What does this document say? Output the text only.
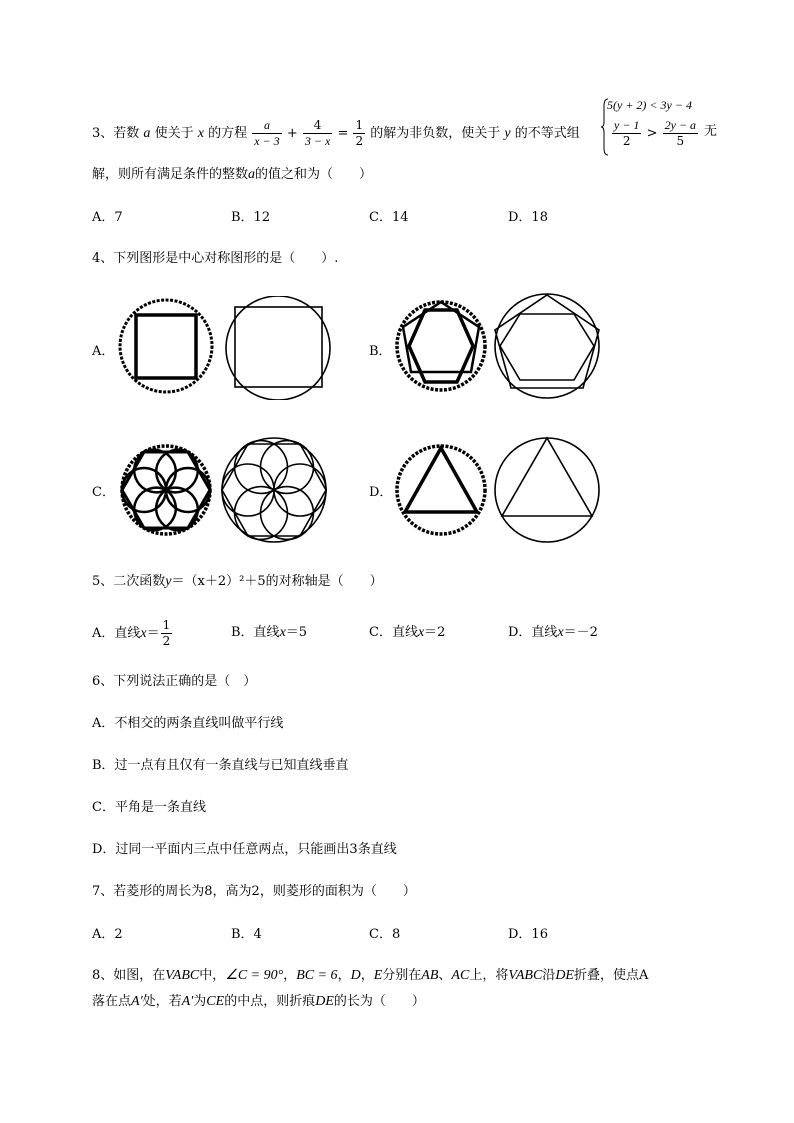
3、若数 a 使关于 x 的方程 $\frac{a}{x - 3} + \frac{4}{3 - x} = \frac{1}{2}$ 的解为非负数，使关于 y 的不等式组
5(y + 2) < 3y − 4
$\frac{y - 1}{2} > \frac{2y - a}{5}$ 无
解，则所有满足条件的整数a的值之和为（　　）
A．7	B．12	C．14	D．18
4、下列图形是中心对称图形的是（　　）.
A．	B．
C．	D．
5、二次函数y＝（x＋2）²＋5的对称轴是（　　）
A．直线$x= \frac{1}{2}$	B．直线x＝5	C．直线x＝2	D．直线x＝－2
6、下列说法正确的是（　）
A．不相交的两条直线叫做平行线
B．过一点有且仅有一条直线与已知直线垂直
C．平角是一条直线
D．过同一平面内三点中任意两点，只能画出3条直线
7、若菱形的周长为8，高为2，则菱形的面积为（　　）
A．2	B．4	C．8	D．16
8、如图，在VABC中，∠C = 90°，BC = 6，D，E分别在AB、AC上，将VABC沿DE折叠，使点A
落在点A′处，若A′为CE的中点，则折痕DE的长为（　　）
